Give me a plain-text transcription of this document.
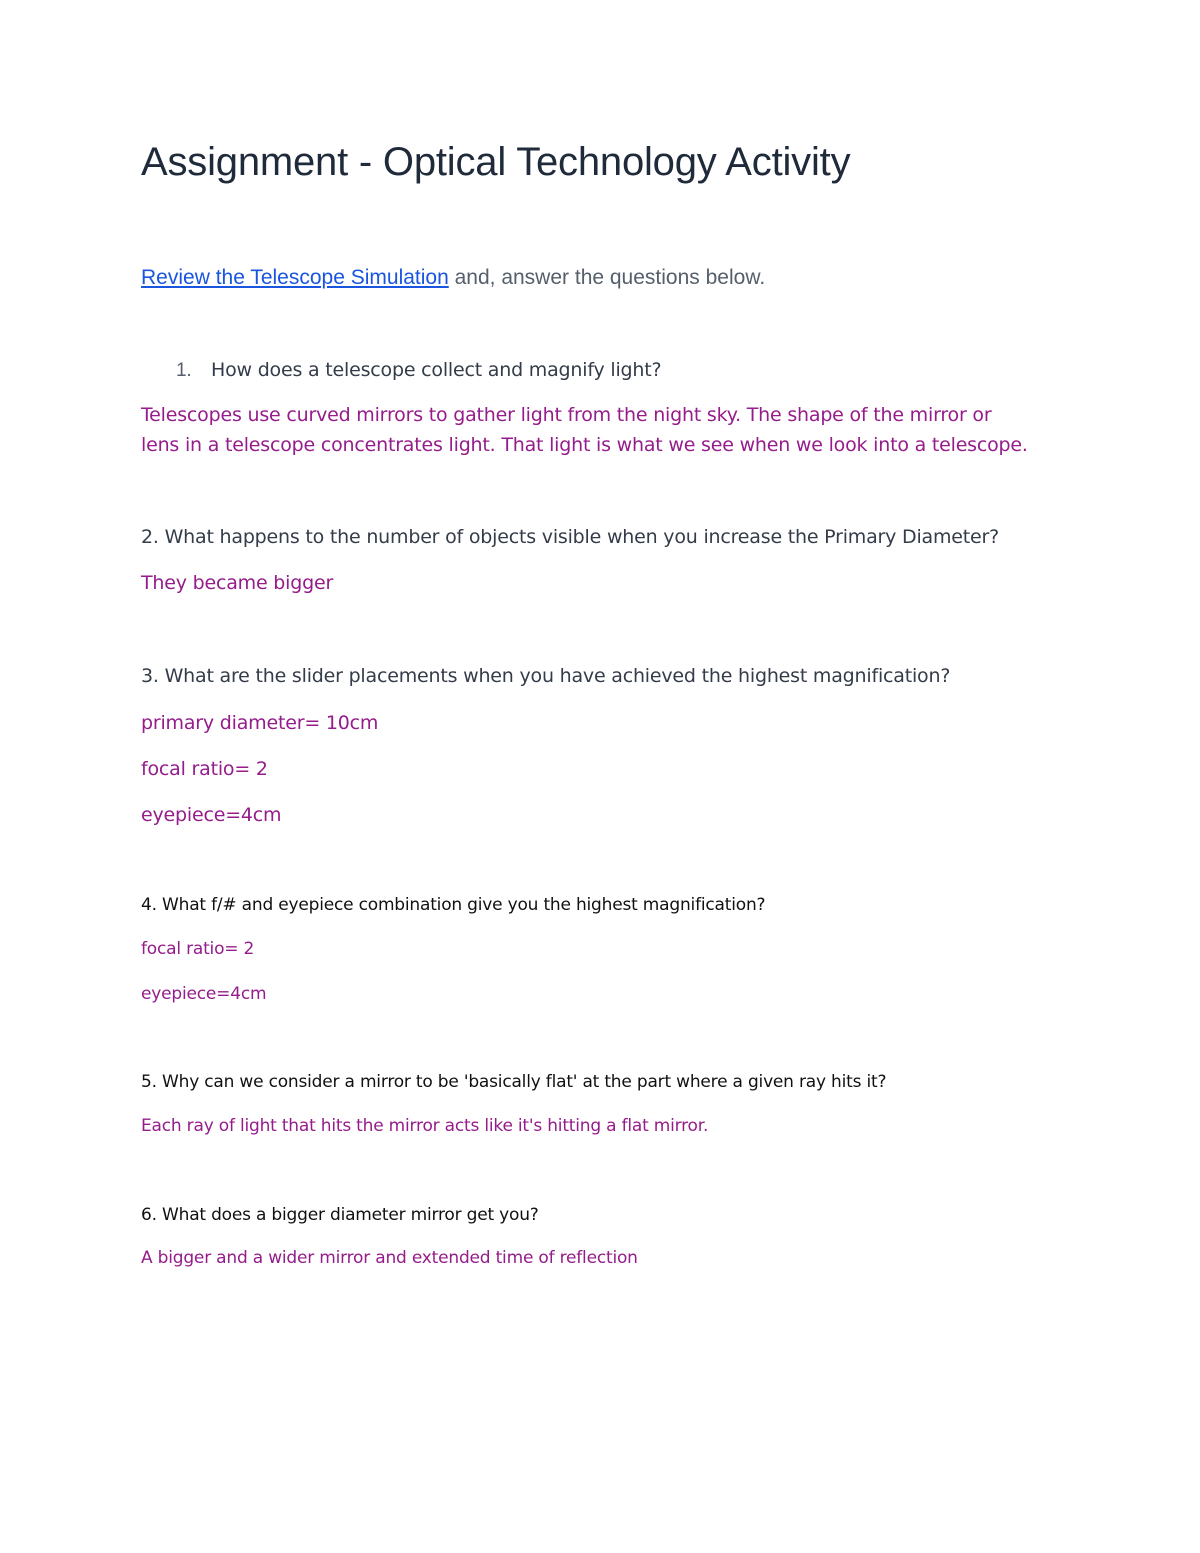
Assignment - Optical Technology Activity

Review the Telescope Simulation and, answer the questions below.

1. How does a telescope collect and magnify light?

Telescopes use curved mirrors to gather light from the night sky. The shape of the mirror or

lens in a telescope concentrates light. That light is what we see when we look into a telescope.

2. What happens to the number of objects visible when you increase the Primary Diameter?

They became bigger

3. What are the slider placements when you have achieved the highest magnification?

primary diameter= 10cm

focal ratio= 2

eyepiece=4cm

4. What f/# and eyepiece combination give you the highest magnification?

focal ratio= 2

eyepiece=4cm

5. Why can we consider a mirror to be 'basically flat' at the part where a given ray hits it?

Each ray of light that hits the mirror acts like it's hitting a flat mirror.

6. What does a bigger diameter mirror get you?

A bigger and a wider mirror and extended time of reflection
